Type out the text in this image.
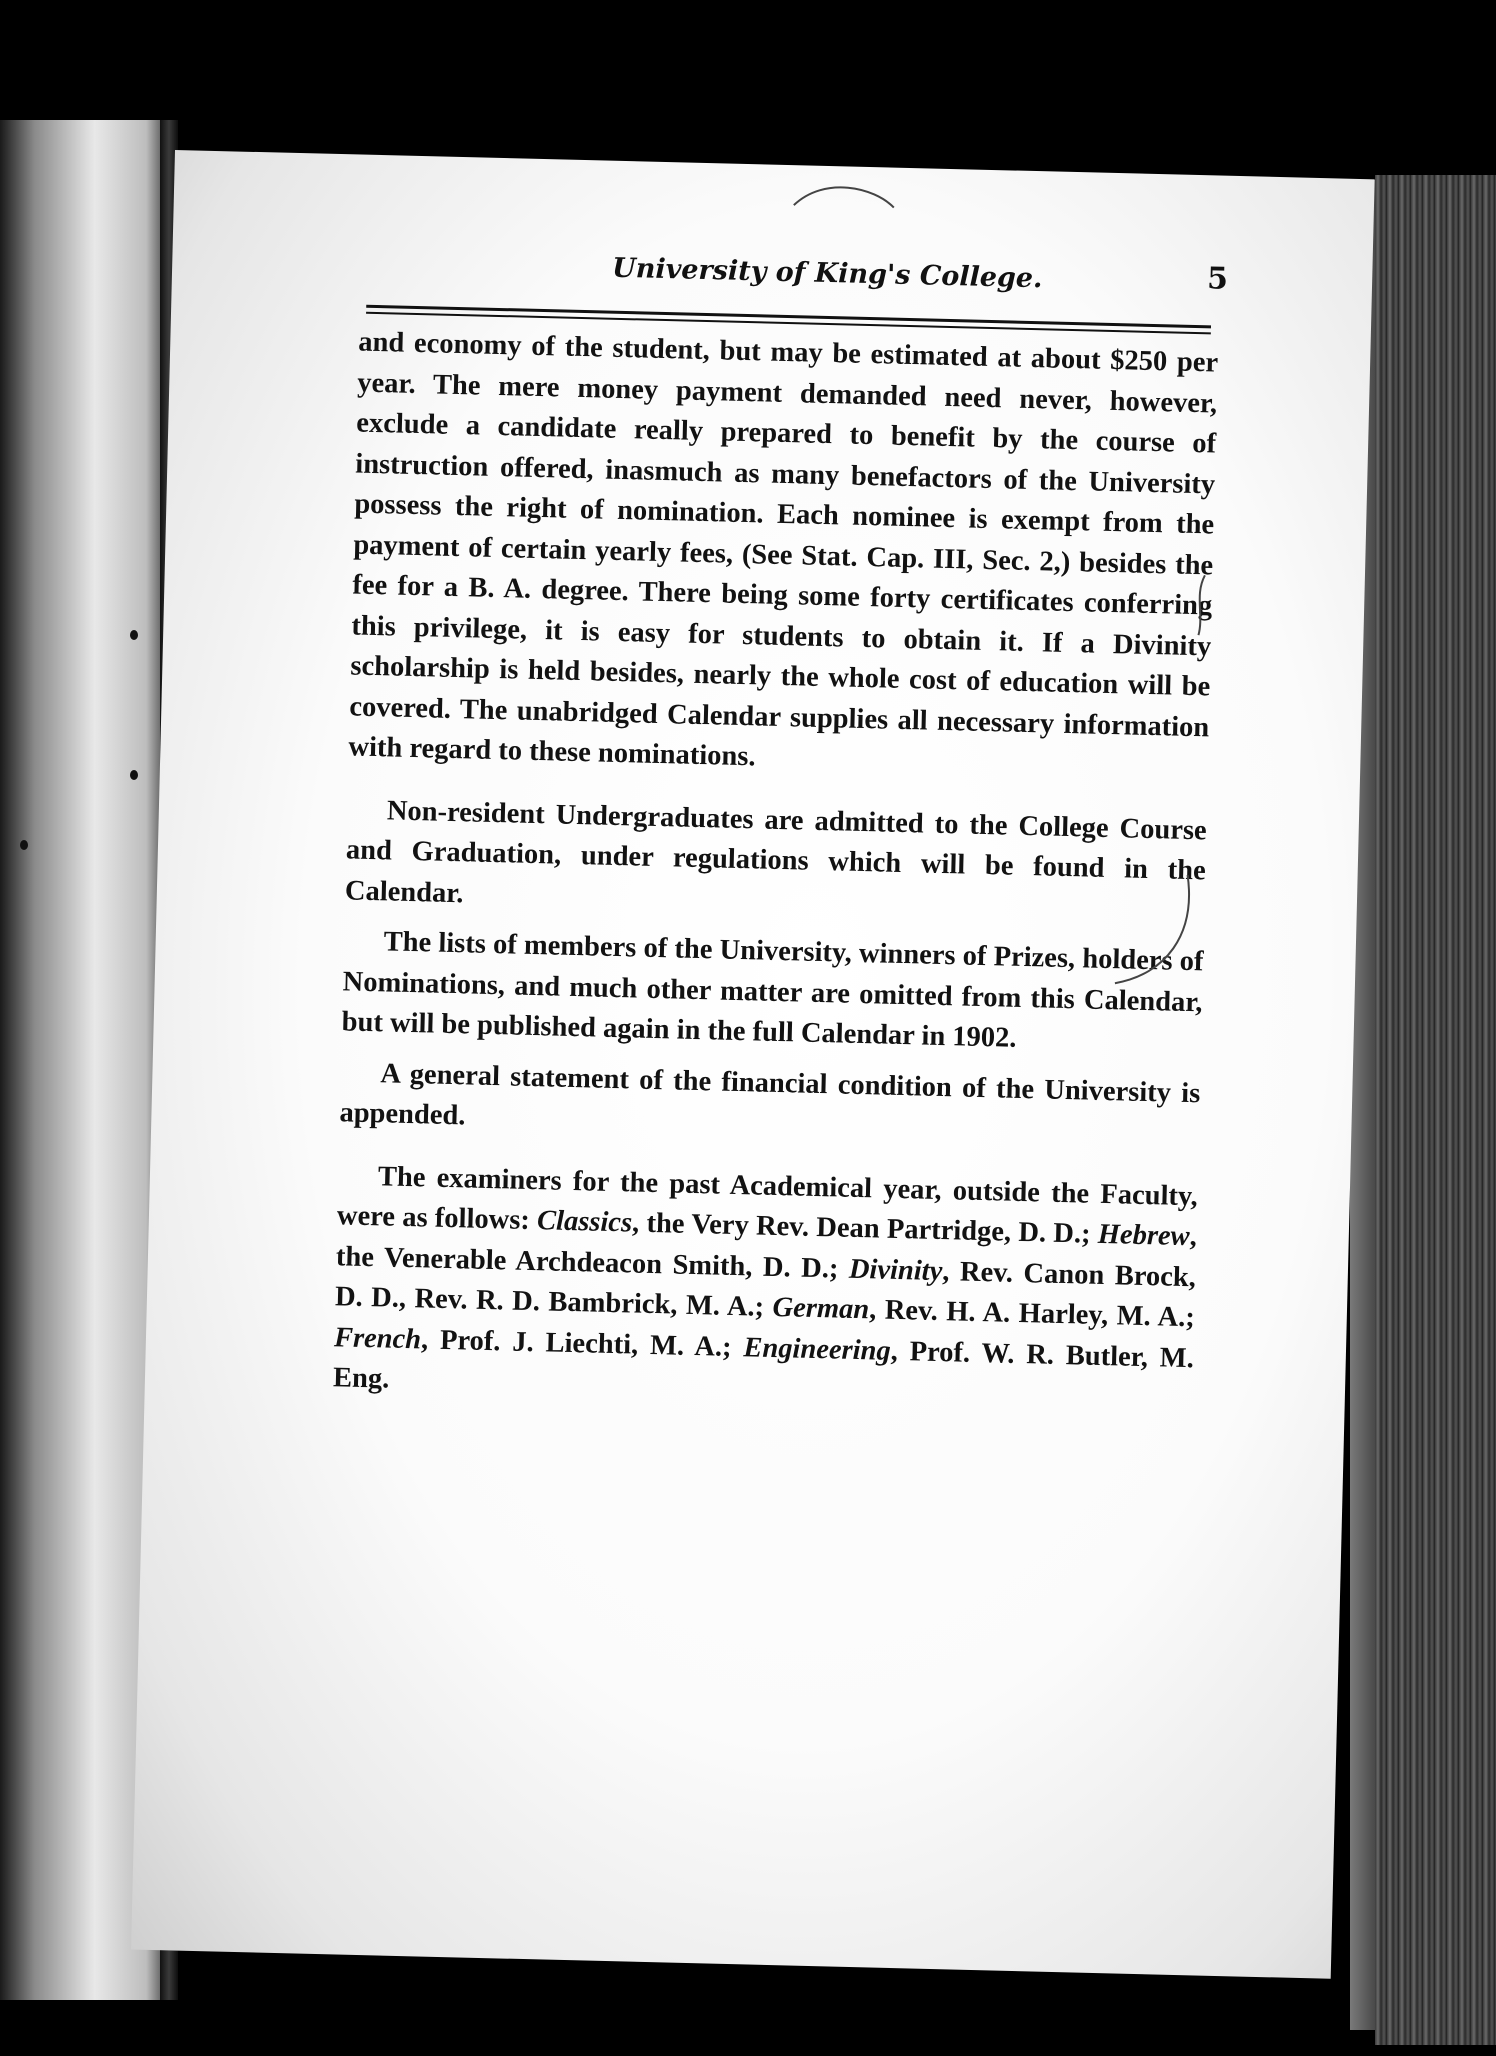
University of King's College.	5

and economy of the student, but may be estimated at about $250 per year. The mere money payment demanded need never, however, exclude a candidate really prepared to benefit by the course of instruction offered, inasmuch as many benefactors of the University possess the right of nomination. Each nominee is exempt from the payment of certain yearly fees, (See Stat. Cap. III, Sec. 2,) besides the fee for a B. A. degree. There being some forty certificates conferring this privilege, it is easy for students to obtain it. If a Divinity scholarship is held besides, nearly the whole cost of education will be covered. The unabridged Calendar supplies all necessary information with regard to these nominations.

Non-resident Undergraduates are admitted to the College Course and Graduation, under regulations which will be found in the Calendar.

The lists of members of the University, winners of Prizes, holders of Nominations, and much other matter are omitted from this Calendar, but will be published again in the full Calendar in 1902.

A general statement of the financial condition of the University is appended.

The examiners for the past Academical year, outside the Faculty, were as follows: Classics, the Very Rev. Dean Partridge, D. D.; Hebrew, the Venerable Archdeacon Smith, D. D.; Divinity, Rev. Canon Brock, D. D., Rev. R. D. Bambrick, M. A.; German, Rev. H. A. Harley, M. A.; French, Prof. J. Liechti, M. A.; Engineering, Prof. W. R. Butler, M. Eng.
